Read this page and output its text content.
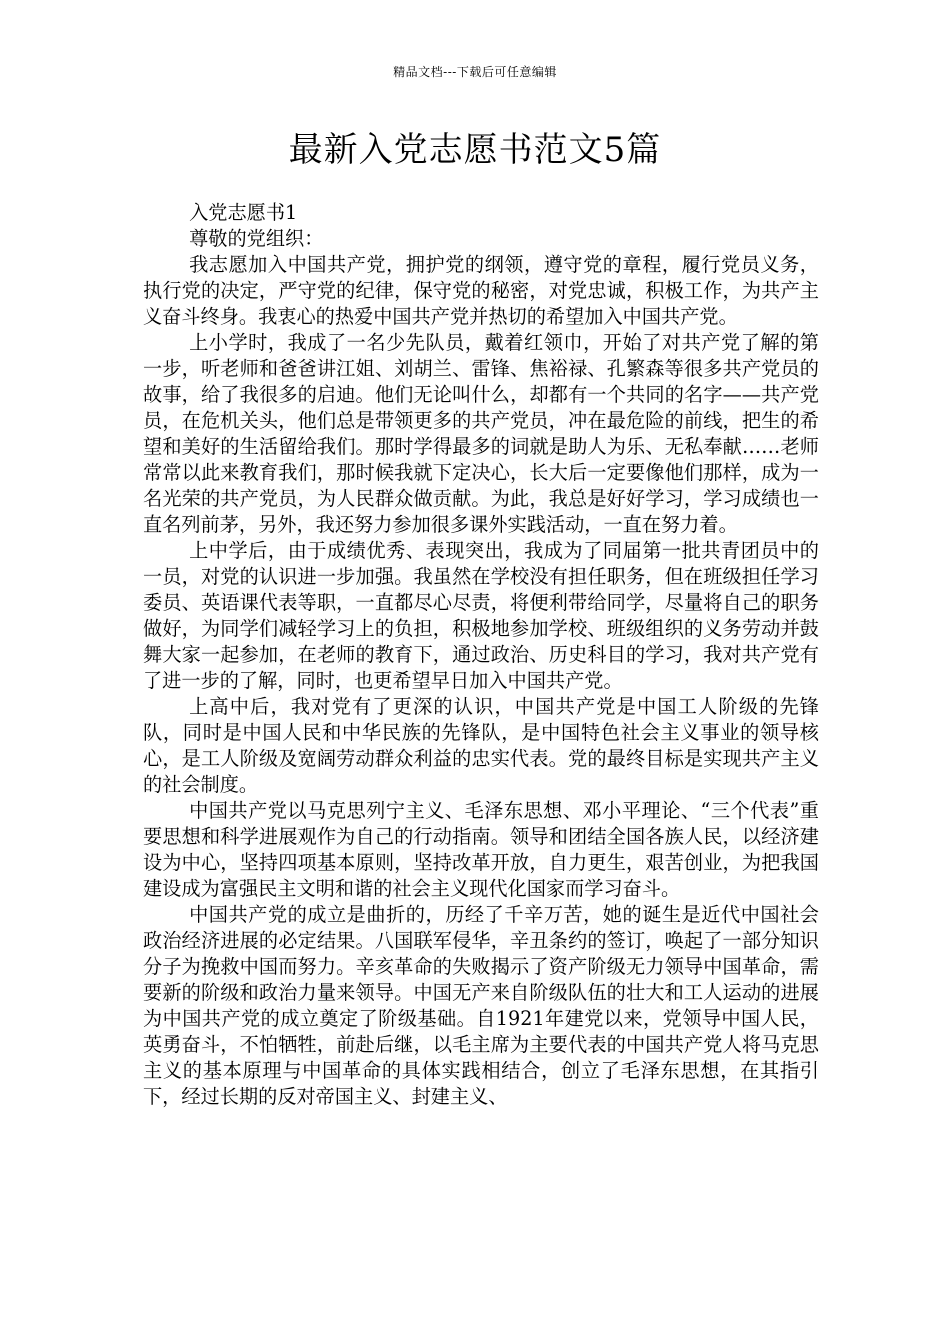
精品文档---下载后可任意编辑
最新入党志愿书范文5篇

入党志愿书1

尊敬的党组织：

我志愿加入中国共产党，拥护党的纲领，遵守党的章程，履行党员义务，执行党的决定，严守党的纪律，保守党的秘密，对党忠诚，积极工作，为共产主义奋斗终身。我衷心的热爱中国共产党并热切的希望加入中国共产党。

上小学时，我成了一名少先队员，戴着红领巾，开始了对共产党了解的第一步，听老师和爸爸讲江姐、刘胡兰、雷锋、焦裕禄、孔繁森等很多共产党员的故事，给了我很多的启迪。他们无论叫什么，却都有一个共同的名字——共产党员，在危机关头，他们总是带领更多的共产党员，冲在最危险的前线，把生的希望和美好的生活留给我们。那时学得最多的词就是助人为乐、无私奉献……老师常常以此来教育我们，那时候我就下定决心，长大后一定要像他们那样，成为一名光荣的共产党员，为人民群众做贡献。为此，我总是好好学习，学习成绩也一直名列前茅，另外，我还努力参加很多课外实践活动，一直在努力着。

上中学后，由于成绩优秀、表现突出，我成为了同届第一批共青团员中的一员，对党的认识进一步加强。我虽然在学校没有担任职务，但在班级担任学习委员、英语课代表等职，一直都尽心尽责，将便利带给同学，尽量将自己的职务做好，为同学们减轻学习上的负担，积极地参加学校、班级组织的义务劳动并鼓舞大家一起参加，在老师的教育下，通过政治、历史科目的学习，我对共产党有了进一步的了解，同时，也更希望早日加入中国共产党。

上高中后，我对党有了更深的认识，中国共产党是中国工人阶级的先锋队，同时是中国人民和中华民族的先锋队，是中国特色社会主义事业的领导核心，是工人阶级及宽阔劳动群众利益的忠实代表。党的最终目标是实现共产主义的社会制度。

中国共产党以马克思列宁主义、毛泽东思想、邓小平理论、“三个代表”重要思想和科学进展观作为自己的行动指南。领导和团结全国各族人民，以经济建设为中心，坚持四项基本原则，坚持改革开放，自力更生，艰苦创业，为把我国建设成为富强民主文明和谐的社会主义现代化国家而学习奋斗。

中国共产党的成立是曲折的，历经了千辛万苦，她的诞生是近代中国社会政治经济进展的必定结果。八国联军侵华，辛丑条约的签订，唤起了一部分知识分子为挽救中国而努力。辛亥革命的失败揭示了资产阶级无力领导中国革命，需要新的阶级和政治力量来领导。中国无产来自阶级队伍的壮大和工人运动的进展为中国共产党的成立奠定了阶级基础。自1921年建党以来，党领导中国人民，英勇奋斗，不怕牺牲，前赴后继，以毛主席为主要代表的中国共产党人将马克思主义的基本原理与中国革命的具体实践相结合，创立了毛泽东思想，在其指引下，经过长期的反对帝国主义、封建主义、
